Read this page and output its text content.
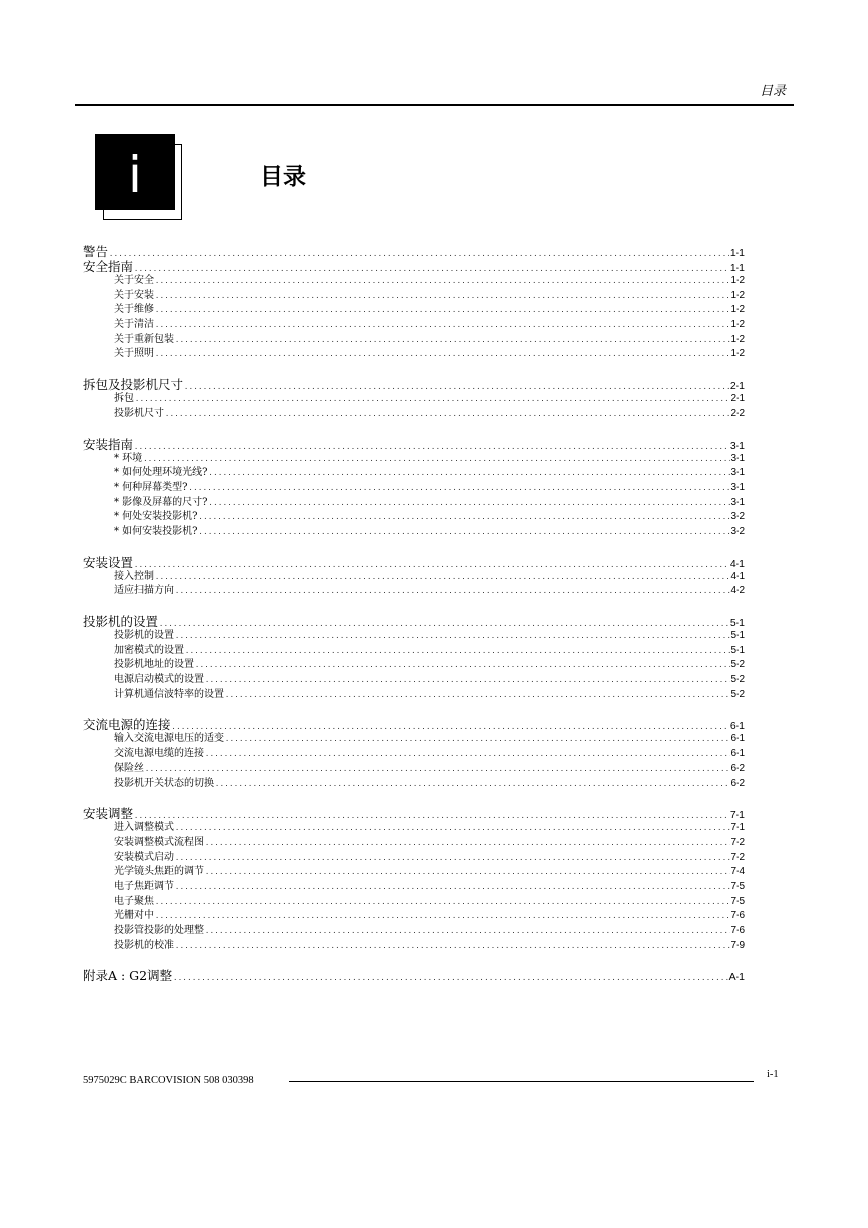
目录
i	目录
警告 .....	1-1
安全指南 .....	1-1
关于安全 .....	1-2
关于安装 .....	1-2
关于维修 .....	1-2
关于清洁 .....	1-2
关于重新包装 .....	1-2
关于照明 .....	1-2
拆包及投影机尺寸 .....	2-1
拆包 .....	2-1
投影机尺寸 .....	2-2
安装指南 .....	3-1
* 环境 .....	3-1
* 如何处理环境光线? .....	3-1
* 何种屏幕类型? .....	3-1
* 影像及屏幕的尺寸? .....	3-1
* 何处安装投影机? .....	3-2
* 如何安装投影机? .....	3-2
安装设置 .....	4-1
接入控制 .....	4-1
适应扫描方向 .....	4-2
投影机的设置 .....	5-1
投影机的设置 .....	5-1
加密模式的设置 .....	5-1
投影机地址的设置 .....	5-2
电源启动模式的设置 .....	5-2
计算机通信波特率的设置 .....	5-2
交流电源的连接 .....	6-1
输入交流电源电压的适变 .....	6-1
交流电源电缆的连接 .....	6-1
保险丝 .....	6-2
投影机开关状态的切换 .....	6-2
安装调整 .....	7-1
进入调整模式 .....	7-1
安装调整模式流程图 .....	7-2
安装模式启动 .....	7-2
光学镜头焦距的调节 .....	7-4
电子焦距调节 .....	7-5
电子聚焦 .....	7-5
光栅对中 .....	7-6
投影管投影的处理整 .....	7-6
投影机的校准 .....	7-9
附录A : G2调整 .....	A-1
5975029C BARCOVISION 508 030398
i-1
